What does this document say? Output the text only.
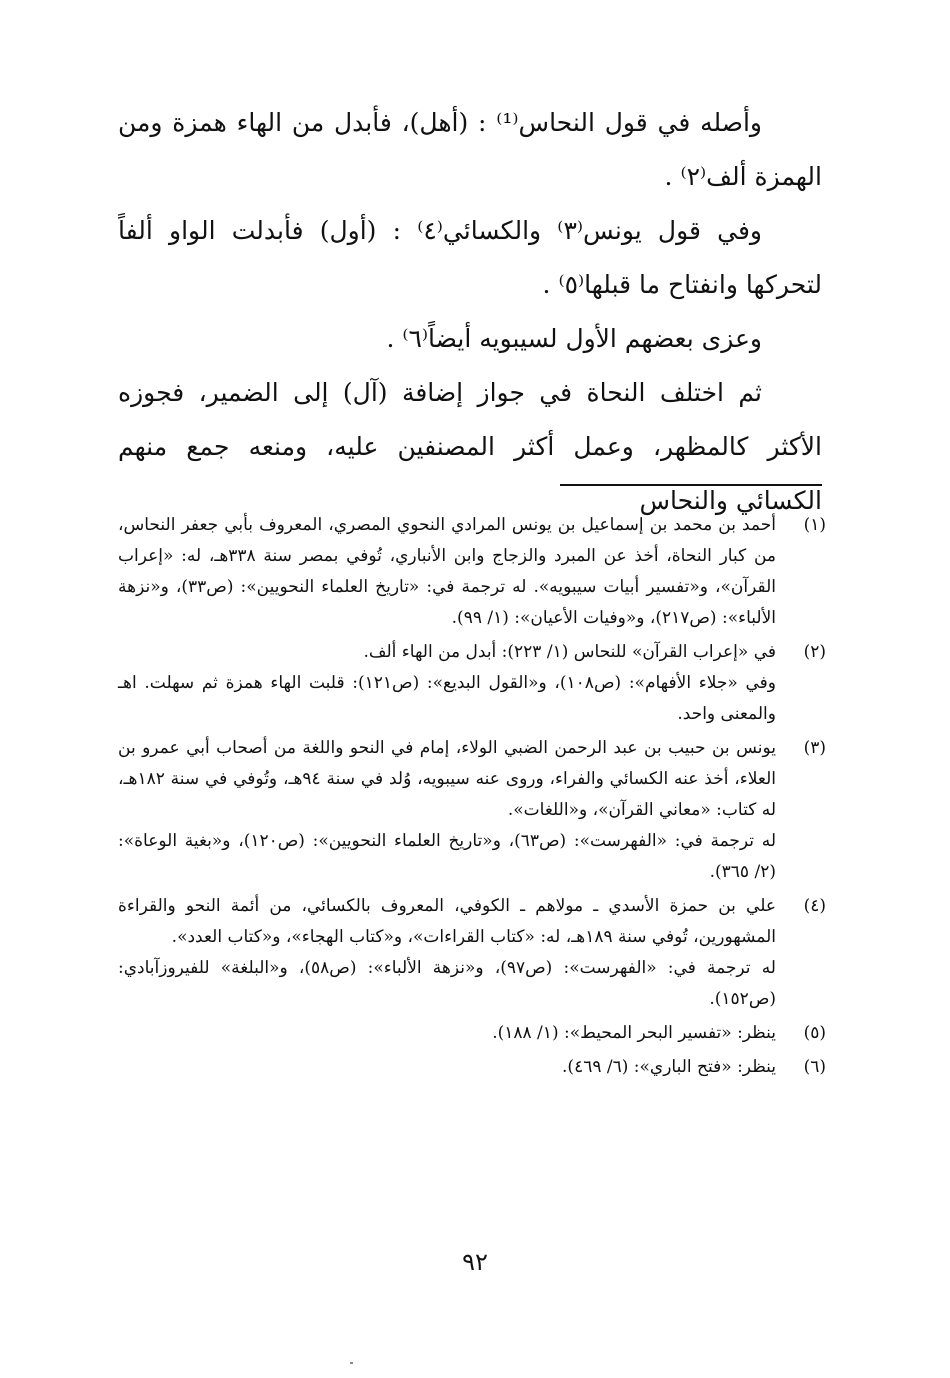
وأصله في قول النحاس⁽¹⁾ : (أهل)، فأبدل من الهاء همزة ومن الهمزة ألف⁽٢⁾ .

وفي قول يونس⁽٣⁾ والكسائي⁽٤⁾ : (أول) فأبدلت الواو ألفاً لتحركها وانفتاح ما قبلها⁽٥⁾ .

وعزى بعضهم الأول لسيبويه أيضاً⁽٦⁾ .

ثم اختلف النحاة في جواز إضافة (آل) إلى الضمير، فجوزه الأكثر كالمظهر، وعمل أكثر المصنفين عليه، ومنعه جمع منهم الكسائي والنحاس

(١)

أحمد بن محمد بن إسماعيل بن يونس المرادي النحوي المصري، المعروف بأبي جعفر النحاس، من كبار النحاة، أخذ عن المبرد والزجاج وابن الأنباري، تُوفي بمصر سنة ٣٣٨هـ، له: «إعراب القرآن»، و«تفسير أبيات سيبويه». له ترجمة في: «تاريخ العلماء النحويين»: (ص٣٣)، و«نزهة الألباء»: (ص٢١٧)، و«وفيات الأعيان»: (١/ ٩٩).

(٢)

في «إعراب القرآن» للنحاس (١/ ٢٢٣): أبدل من الهاء ألف.

وفي «جلاء الأفهام»: (ص١٠٨)، و«القول البديع»: (ص١٢١): قلبت الهاء همزة ثم سهلت. اهـ والمعنى واحد.

(٣)

يونس بن حبيب بن عبد الرحمن الضبي الولاء، إمام في النحو واللغة من أصحاب أبي عمرو بن العلاء، أخذ عنه الكسائي والفراء، وروى عنه سيبويه، وُلد في سنة ٩٤هـ، وتُوفي في سنة ١٨٢هـ، له كتاب: «معاني القرآن»، و«اللغات».

له ترجمة في: «الفهرست»: (ص٦٣)، و«تاريخ العلماء النحويين»: (ص١٢٠)، و«بغية الوعاة»: (٢/ ٣٦٥).

(٤)

علي بن حمزة الأسدي ـ مولاهم ـ الكوفي، المعروف بالكسائي، من أئمة النحو والقراءة المشهورين، تُوفي سنة ١٨٩هـ، له: «كتاب القراءات»، و«كتاب الهجاء»، و«كتاب العدد».

له ترجمة في: «الفهرست»: (ص٩٧)، و«نزهة الألباء»: (ص٥٨)، و«البلغة» للفيروزآبادي: (ص١٥٢).

(٥)

ينظر: «تفسير البحر المحيط»: (١/ ١٨٨).

(٦)

ينظر: «فتح الباري»: (٦/ ٤٦٩).

٩٢
